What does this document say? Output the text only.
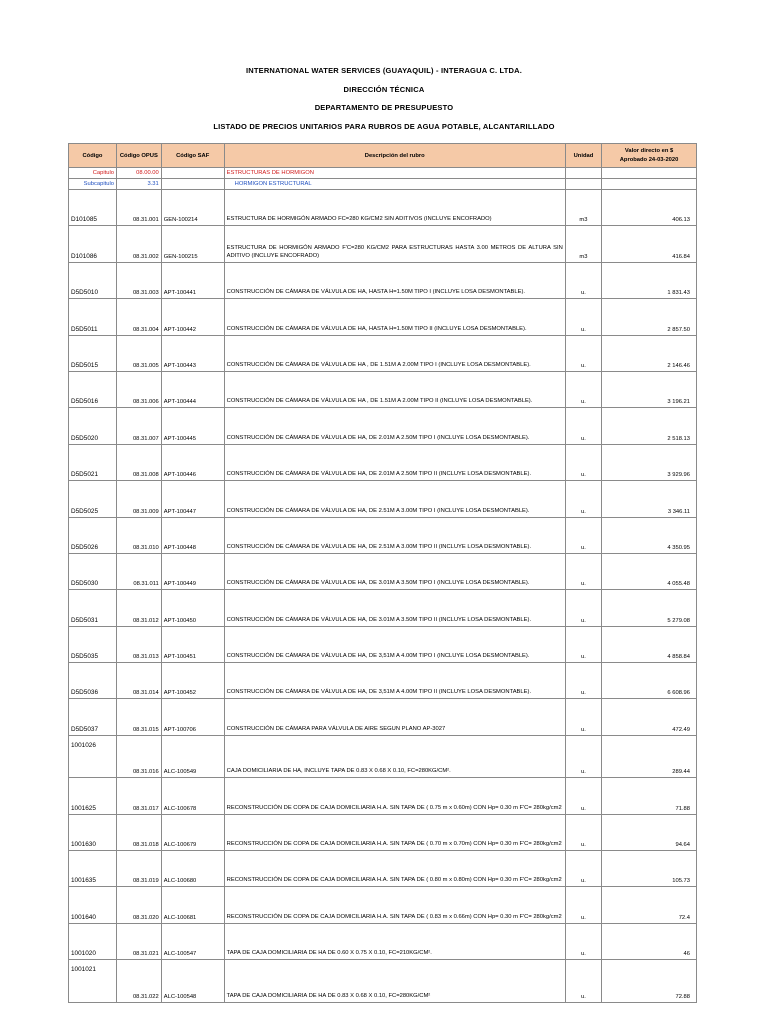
INTERNATIONAL WATER SERVICES (GUAYAQUIL) - INTERAGUA C. LTDA.
DIRECCIÓN TÉCNICA
DEPARTAMENTO DE PRESUPUESTO
LISTADO DE PRECIOS UNITARIOS PARA RUBROS DE AGUA POTABLE, ALCANTARILLADO
Código	Código OPUS	Código SAF	Descripción del rubro	Unidad	Valor directo en $
Aprobado 24-03-2020
Capitulo	08.00.00		ESTRUCTURAS DE HORMIGON		
Subcapitulo	3.31		HORMIGON ESTRUCTURAL		
D101085	08.31.001	GEN-100214	ESTRUCTURA DE HORMIGÓN ARMADO FC=280 KG/CM2 SIN ADITIVOS (INCLUYE ENCOFRADO)	m3	406.13
D101086	08.31.002	GEN-100215	ESTRUCTURA DE HORMIGÓN ARMADO F'C=280 KG/CM2 PARA ESTRUCTURAS HASTA 3.00 METROS DE ALTURA SIN ADITIVO (INCLUYE ENCOFRADO)	m3	416.84
D5D5010	08.31.003	APT-100441	CONSTRUCCIÓN DE CÁMARA DE VÁLVULA DE HA, HASTA H=1.50M TIPO I (INCLUYE LOSA DESMONTABLE).	u.	1 831.43
D5D5011	08.31.004	APT-100442	CONSTRUCCIÓN DE CÁMARA DE VÁLVULA DE HA, HASTA H=1.50M TIPO II (INCLUYE LOSA DESMONTABLE).	u.	2 857.50
D5D5015	08.31.005	APT-100443	CONSTRUCCIÓN DE CÁMARA DE VÁLVULA DE HA , DE 1.51M A 2.00M TIPO I (INCLUYE LOSA DESMONTABLE).	u.	2 146.46
D5D5016	08.31.006	APT-100444	CONSTRUCCIÓN DE CÁMARA DE VÁLVULA DE HA , DE 1.51M A 2.00M TIPO II (INCLUYE LOSA DESMONTABLE).	u.	3 196.21
D5D5020	08.31.007	APT-100445	CONSTRUCCIÓN DE CÁMARA DE VÁLVULA DE HA, DE 2.01M A 2.50M TIPO I (INCLUYE LOSA DESMONTABLE).	u.	2 518.13
D5D5021	08.31.008	APT-100446	CONSTRUCCIÓN DE CÁMARA DE VÁLVULA DE HA, DE 2.01M A 2.50M TIPO II (INCLUYE LOSA DESMONTABLE).	u.	3 929.96
D5D5025	08.31.009	APT-100447	CONSTRUCCIÓN DE CÁMARA DE VÁLVULA DE HA, DE 2.51M A 3.00M TIPO I (INCLUYE LOSA DESMONTABLE).	u.	3 346.11
D5D5026	08.31.010	APT-100448	CONSTRUCCIÓN DE CÁMARA DE VÁLVULA DE HA, DE 2.51M A 3.00M TIPO II (INCLUYE LOSA DESMONTABLE).	u.	4 350.95
D5D5030	08.31.011	APT-100449	CONSTRUCCIÓN DE CÁMARA DE VÁLVULA DE HA, DE 3.01M A 3.50M TIPO I (INCLUYE LOSA DESMONTABLE).	u.	4 055.48
D5D5031	08.31.012	APT-100450	CONSTRUCCIÓN DE CÁMARA DE VÁLVULA DE HA, DE 3.01M A 3.50M TIPO II (INCLUYE LOSA DESMONTABLE).	u.	5 279.08
D5D5035	08.31.013	APT-100451	CONSTRUCCIÓN DE CÁMARA DE VÁLVULA DE HA, DE 3,51M A 4.00M TIPO I (INCLUYE LOSA DESMONTABLE).	u.	4 858.84
D5D5036	08.31.014	APT-100452	CONSTRUCCIÓN DE CÁMARA DE VÁLVULA DE HA, DE 3,51M A 4.00M TIPO II (INCLUYE LOSA DESMONTABLE).	u.	6 608.96
D5D5037	08.31.015	APT-100706	CONSTRUCCIÓN DE CÁMARA PARA VÁLVULA DE AIRE SEGUN PLANO AP-3027	u.	472.49
1001026	08.31.016	ALC-100549	CAJA DOMICILIARIA DE HA, INCLUYE TAPA DE 0.83 X 0.68 X 0.10, FC=280KG/CM².	u.	289.44
1001625	08.31.017	ALC-100678	RECONSTRUCCIÓN DE COPA DE CAJA DOMICILIARIA H.A. SIN TAPA DE ( 0.75 m x 0.60m) CON Hp= 0.30 m F'C= 280kg/cm2	u.	71.88
1001630	08.31.018	ALC-100679	RECONSTRUCCIÓN DE COPA DE CAJA DOMICILIARIA H.A. SIN TAPA DE ( 0.70 m x 0.70m) CON Hp= 0.30 m F'C= 280kg/cm2	u.	94.64
1001635	08.31.019	ALC-100680	RECONSTRUCCIÓN DE COPA DE CAJA DOMICILIARIA H.A. SIN TAPA DE ( 0.80 m x 0.80m) CON Hp= 0.30 m F'C= 280kg/cm2	u.	105.73
1001640	08.31.020	ALC-100681	RECONSTRUCCIÓN DE COPA DE CAJA DOMICILIARIA H.A. SIN TAPA DE ( 0.83 m x 0.66m) CON Hp= 0.30 m F'C= 280kg/cm2	u.	72.4
1001020	08.31.021	ALC-100547	TAPA DE CAJA DOMICILIARIA DE HA DE 0.60 X 0.75 X 0.10, FC=210KG/CM².	u.	46
1001021	08.31.022	ALC-100548	TAPA DE CAJA DOMICILIARIA DE HA DE 0.83 X 0.68 X 0.10, FC=280KG/CM²	u.	72.88
